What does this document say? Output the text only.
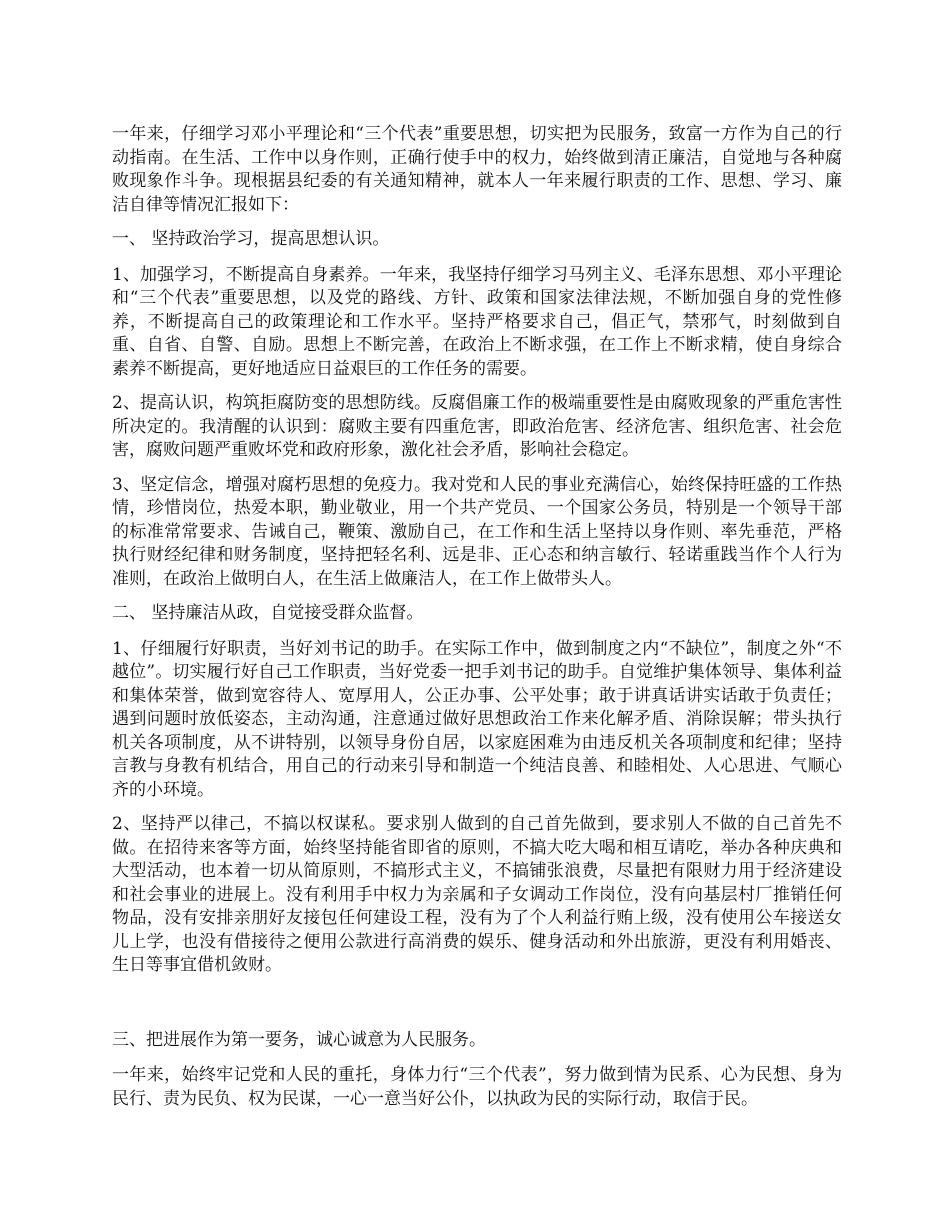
一年来，仔细学习邓小平理论和“三个代表”重要思想，切实把为民服务，致富一方作为自己的行动指南。在生活、工作中以身作则，正确行使手中的权力，始终做到清正廉洁，自觉地与各种腐败现象作斗争。现根据县纪委的有关通知精神，就本人一年来履行职责的工作、思想、学习、廉洁自律等情况汇报如下：

一、 坚持政治学习，提高思想认识。

1、加强学习，不断提高自身素养。一年来，我坚持仔细学习马列主义、毛泽东思想、邓小平理论和“三个代表”重要思想，以及党的路线、方针、政策和国家法律法规，不断加强自身的党性修养，不断提高自己的政策理论和工作水平。坚持严格要求自己，倡正气，禁邪气，时刻做到自重、自省、自警、自励。思想上不断完善，在政治上不断求强，在工作上不断求精，使自身综合素养不断提高，更好地适应日益艰巨的工作任务的需要。

2、提高认识，构筑拒腐防变的思想防线。反腐倡廉工作的极端重要性是由腐败现象的严重危害性所决定的。我清醒的认识到：腐败主要有四重危害，即政治危害、经济危害、组织危害、社会危害，腐败问题严重败坏党和政府形象，激化社会矛盾，影响社会稳定。

3、坚定信念，增强对腐朽思想的免疫力。我对党和人民的事业充满信心，始终保持旺盛的工作热情，珍惜岗位，热爱本职，勤业敬业，用一个共产党员、一个国家公务员，特别是一个领导干部的标准常常要求、告诫自己，鞭策、激励自己，在工作和生活上坚持以身作则、率先垂范，严格执行财经纪律和财务制度，坚持把轻名利、远是非、正心态和纳言敏行、轻诺重践当作个人行为准则，在政治上做明白人，在生活上做廉洁人，在工作上做带头人。

二、 坚持廉洁从政，自觉接受群众监督。

1、仔细履行好职责，当好刘书记的助手。在实际工作中，做到制度之内“不缺位”，制度之外“不越位”。切实履行好自己工作职责，当好党委一把手刘书记的助手。自觉维护集体领导、集体利益和集体荣誉，做到宽容待人、宽厚用人，公正办事、公平处事；敢于讲真话讲实话敢于负责任；遇到问题时放低姿态，主动沟通，注意通过做好思想政治工作来化解矛盾、消除误解；带头执行机关各项制度，从不讲特别，以领导身份自居，以家庭困难为由违反机关各项制度和纪律；坚持言教与身教有机结合，用自己的行动来引导和制造一个纯洁良善、和睦相处、人心思进、气顺心齐的小环境。

2、坚持严以律己，不搞以权谋私。要求别人做到的自己首先做到，要求别人不做的自己首先不做。在招待来客等方面，始终坚持能省即省的原则，不搞大吃大喝和相互请吃，举办各种庆典和大型活动，也本着一切从简原则，不搞形式主义，不搞铺张浪费，尽量把有限财力用于经济建设和社会事业的进展上。没有利用手中权力为亲属和子女调动工作岗位，没有向基层村厂推销任何物品，没有安排亲朋好友接包任何建设工程，没有为了个人利益行贿上级，没有使用公车接送女儿上学，也没有借接待之便用公款进行高消费的娱乐、健身活动和外出旅游，更没有利用婚丧、生日等事宜借机敛财。

三、把进展作为第一要务，诚心诚意为人民服务。

一年来，始终牢记党和人民的重托，身体力行“三个代表”，努力做到情为民系、心为民想、身为民行、责为民负、权为民谋，一心一意当好公仆，以执政为民的实际行动，取信于民。
